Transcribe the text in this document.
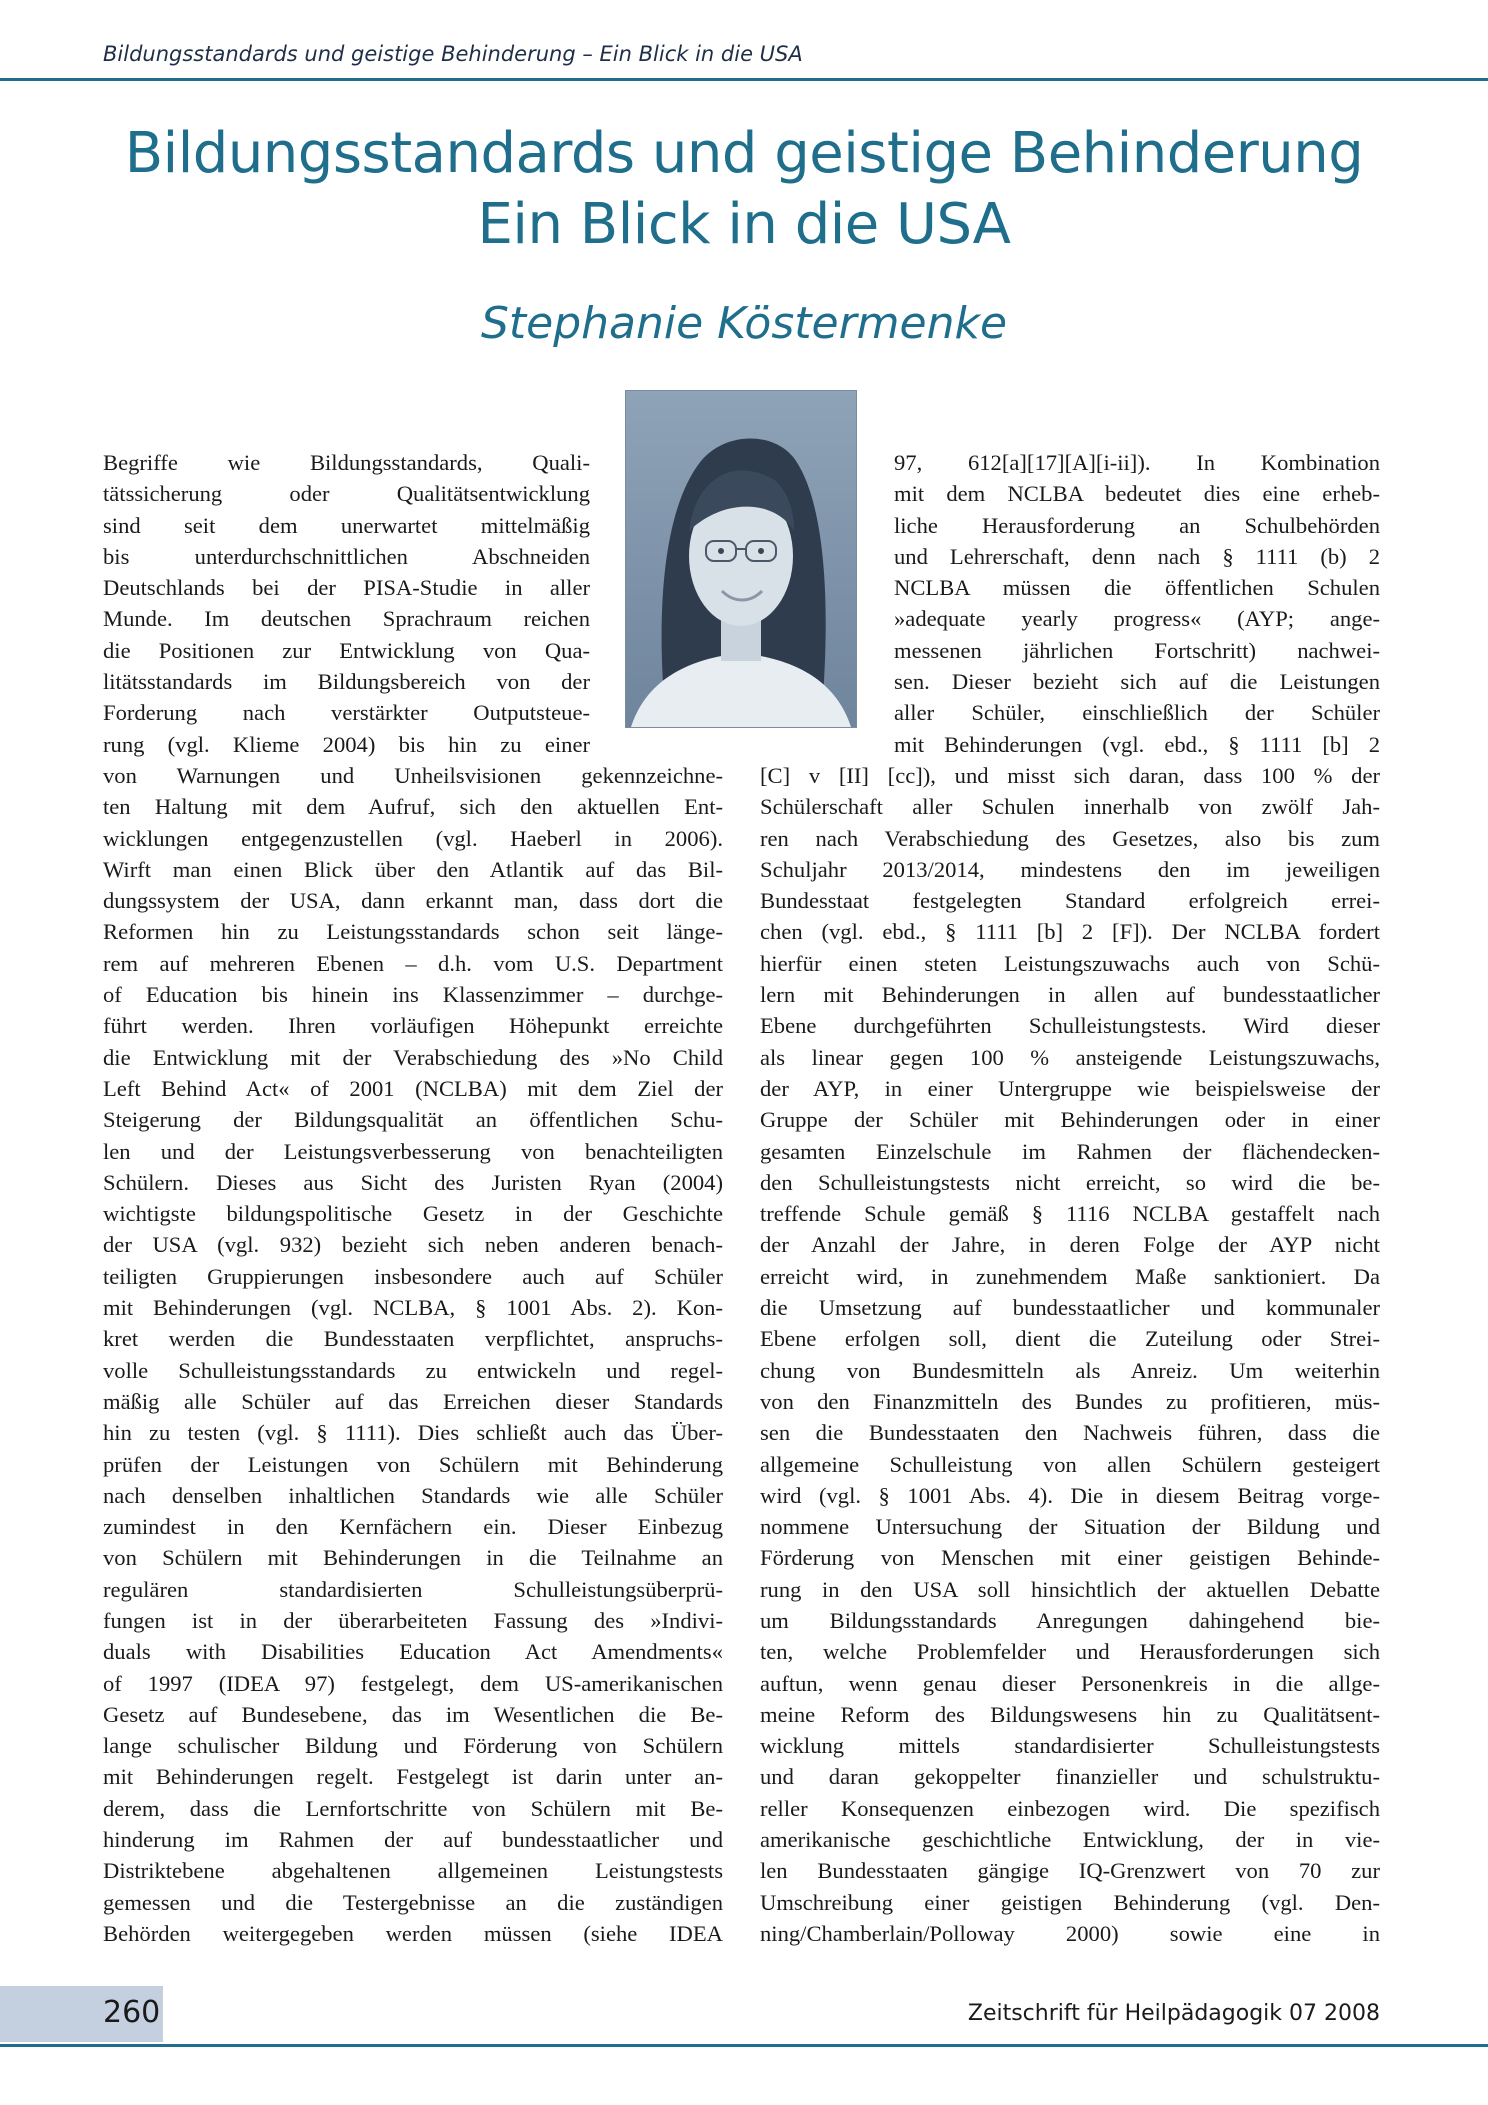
Bildungsstandards und geistige Behinderung – Ein Blick in die USA
Bildungsstandards und geistige Behinderung
Ein Blick in die USA
Stephanie Köstermenke
Begriffe wie Bildungsstandards, Quali-
tätssicherung oder Qualitätsentwicklung
sind seit dem unerwartet mittelmäßig
bis unterdurchschnittlichen Abschneiden
Deutschlands bei der PISA-Studie in aller
Munde. Im deutschen Sprachraum reichen
die Positionen zur Entwicklung von Qua-
litätsstandards im Bildungsbereich von der
Forderung nach verstärkter Outputsteue-
rung (vgl. Klieme 2004) bis hin zu einer
von Warnungen und Unheilsvisionen gekennzeichne-
ten Haltung mit dem Aufruf, sich den aktuellen Ent-
wicklungen entgegenzustellen (vgl. Haeberl in 2006).
Wirft man einen Blick über den Atlantik auf das Bil-
dungssystem der USA, dann erkannt man, dass dort die
Reformen hin zu Leistungsstandards schon seit länge-
rem auf mehreren Ebenen – d.h. vom U.S. Department
of Education bis hinein ins Klassenzimmer – durchge-
führt werden. Ihren vorläufigen Höhepunkt erreichte
die Entwicklung mit der Verabschiedung des »No Child
Left Behind Act« of 2001 (NCLBA) mit dem Ziel der
Steigerung der Bildungsqualität an öffentlichen Schu-
len und der Leistungsverbesserung von benachteiligten
Schülern. Dieses aus Sicht des Juristen Ryan (2004)
wichtigste bildungspolitische Gesetz in der Geschichte
der USA (vgl. 932) bezieht sich neben anderen benach-
teiligten Gruppierungen insbesondere auch auf Schüler
mit Behinderungen (vgl. NCLBA, § 1001 Abs. 2). Kon-
kret werden die Bundesstaaten verpflichtet, anspruchs-
volle Schulleistungsstandards zu entwickeln und regel-
mäßig alle Schüler auf das Erreichen dieser Standards
hin zu testen (vgl. § 1111). Dies schließt auch das Über-
prüfen der Leistungen von Schülern mit Behinderung
nach denselben inhaltlichen Standards wie alle Schüler
zumindest in den Kernfächern ein. Dieser Einbezug
von Schülern mit Behinderungen in die Teilnahme an
regulären standardisierten Schulleistungsüberprü-
fungen ist in der überarbeiteten Fassung des »Indivi-
duals with Disabilities Education Act Amendments«
of 1997 (IDEA 97) festgelegt, dem US-amerikanischen
Gesetz auf Bundesebene, das im Wesentlichen die Be-
lange schulischer Bildung und Förderung von Schülern
mit Behinderungen regelt. Festgelegt ist darin unter an-
derem, dass die Lernfortschritte von Schülern mit Be-
hinderung im Rahmen der auf bundesstaatlicher und
Distriktebene abgehaltenen allgemeinen Leistungstests
gemessen und die Testergebnisse an die zuständigen
Behörden weitergegeben werden müssen (siehe IDEA
97, 612[a][17][A][i-ii]). In Kombination
mit dem NCLBA bedeutet dies eine erheb-
liche Herausforderung an Schulbehörden
und Lehrerschaft, denn nach § 1111 (b) 2
NCLBA müssen die öffentlichen Schulen
»adequate yearly progress« (AYP; ange-
messenen jährlichen Fortschritt) nachwei-
sen. Dieser bezieht sich auf die Leistungen
aller Schüler, einschließlich der Schüler
mit Behinderungen (vgl. ebd., § 1111 [b] 2
[C] v [II] [cc]), und misst sich daran, dass 100 % der
Schülerschaft aller Schulen innerhalb von zwölf Jah-
ren nach Verabschiedung des Gesetzes, also bis zum
Schuljahr 2013/2014, mindestens den im jeweiligen
Bundesstaat festgelegten Standard erfolgreich errei-
chen (vgl. ebd., § 1111 [b] 2 [F]). Der NCLBA fordert
hierfür einen steten Leistungszuwachs auch von Schü-
lern mit Behinderungen in allen auf bundesstaatlicher
Ebene durchgeführten Schulleistungstests. Wird dieser
als linear gegen 100 % ansteigende Leistungszuwachs,
der AYP, in einer Untergruppe wie beispielsweise der
Gruppe der Schüler mit Behinderungen oder in einer
gesamten Einzelschule im Rahmen der flächendecken-
den Schulleistungstests nicht erreicht, so wird die be-
treffende Schule gemäß § 1116 NCLBA gestaffelt nach
der Anzahl der Jahre, in deren Folge der AYP nicht
erreicht wird, in zunehmendem Maße sanktioniert. Da
die Umsetzung auf bundesstaatlicher und kommunaler
Ebene erfolgen soll, dient die Zuteilung oder Strei-
chung von Bundesmitteln als Anreiz. Um weiterhin
von den Finanzmitteln des Bundes zu profitieren, müs-
sen die Bundesstaaten den Nachweis führen, dass die
allgemeine Schulleistung von allen Schülern gesteigert
wird (vgl. § 1001 Abs. 4). Die in diesem Beitrag vorge-
nommene Untersuchung der Situation der Bildung und
Förderung von Menschen mit einer geistigen Behinde-
rung in den USA soll hinsichtlich der aktuellen Debatte
um Bildungsstandards Anregungen dahingehend bie-
ten, welche Problemfelder und Herausforderungen sich
auftun, wenn genau dieser Personenkreis in die allge-
meine Reform des Bildungswesens hin zu Qualitätsent-
wicklung mittels standardisierter Schulleistungstests
und daran gekoppelter finanzieller und schulstruktu-
reller Konsequenzen einbezogen wird. Die spezifisch
amerikanische geschichtliche Entwicklung, der in vie-
len Bundesstaaten gängige IQ-Grenzwert von 70 zur
Umschreibung einer geistigen Behinderung (vgl. Den-
ning/Chamberlain/Polloway 2000) sowie eine in
260	Zeitschrift für Heilpädagogik 07 2008
